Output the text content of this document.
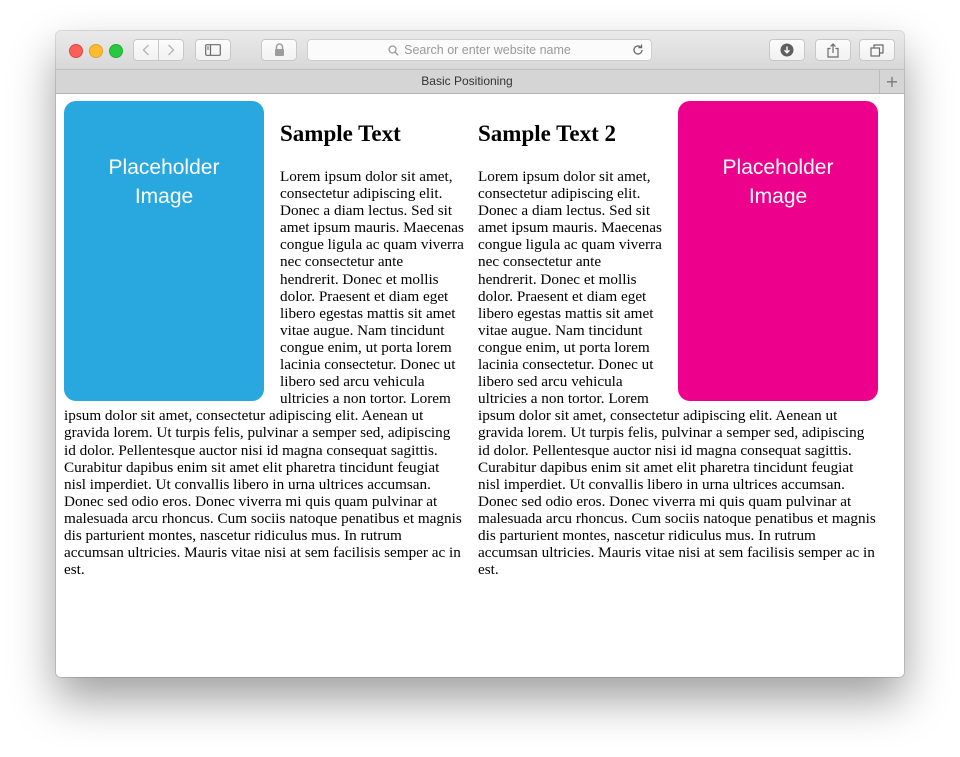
Search or enter website name
Basic Positioning	+
Placeholder Image
Sample Text

Lorem ipsum dolor sit amet, consectetur adipiscing elit. Donec a diam lectus. Sed sit amet ipsum mauris. Maecenas congue ligula ac quam viverra nec consectetur ante hendrerit. Donec et mollis dolor. Praesent et diam eget libero egestas mattis sit amet vitae augue. Nam tincidunt congue enim, ut porta lorem lacinia consectetur. Donec ut libero sed arcu vehicula ultricies a non tortor. Lorem ipsum dolor sit amet, consectetur adipiscing elit. Aenean ut gravida lorem. Ut turpis felis, pulvinar a semper sed, adipiscing id dolor. Pellentesque auctor nisi id magna consequat sagittis. Curabitur dapibus enim sit amet elit pharetra tincidunt feugiat nisl imperdiet. Ut convallis libero in urna ultrices accumsan. Donec sed odio eros. Donec viverra mi quis quam pulvinar at malesuada arcu rhoncus. Cum sociis natoque penatibus et magnis dis parturient montes, nascetur ridiculus mus. In rutrum accumsan ultricies. Mauris vitae nisi at sem facilisis semper ac in est.

Placeholder Image
Sample Text 2

Lorem ipsum dolor sit amet, consectetur adipiscing elit. Donec a diam lectus. Sed sit amet ipsum mauris. Maecenas congue ligula ac quam viverra nec consectetur ante hendrerit. Donec et mollis dolor. Praesent et diam eget libero egestas mattis sit amet vitae augue. Nam tincidunt congue enim, ut porta lorem lacinia consectetur. Donec ut libero sed arcu vehicula ultricies a non tortor. Lorem ipsum dolor sit amet, consectetur adipiscing elit. Aenean ut gravida lorem. Ut turpis felis, pulvinar a semper sed, adipiscing id dolor. Pellentesque auctor nisi id magna consequat sagittis. Curabitur dapibus enim sit amet elit pharetra tincidunt feugiat nisl imperdiet. Ut convallis libero in urna ultrices accumsan. Donec sed odio eros. Donec viverra mi quis quam pulvinar at malesuada arcu rhoncus. Cum sociis natoque penatibus et magnis dis parturient montes, nascetur ridiculus mus. In rutrum accumsan ultricies. Mauris vitae nisi at sem facilisis semper ac in est.
